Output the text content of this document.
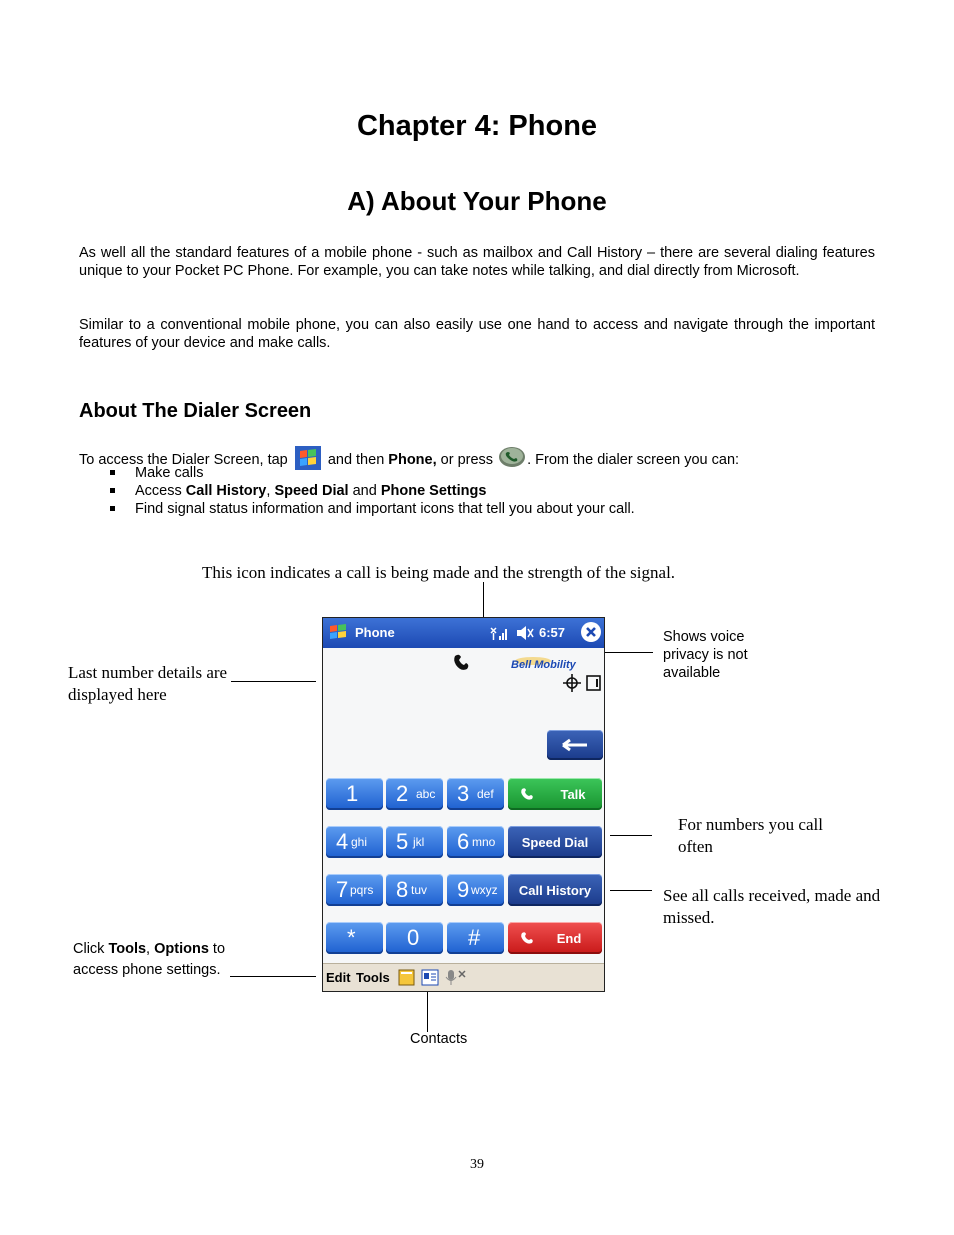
Chapter 4: Phone
A) About Your Phone

As well all the standard features of a mobile phone - such as mailbox and Call History – there are several dialing features unique to your Pocket PC Phone. For example, you can take notes while talking, and dial directly from Microsoft.

Similar to a conventional mobile phone, you can also easily use one hand to access and navigate through the important features of your device and make calls.

About The Dialer Screen
To access the Dialer Screen, tap	and then Phone, or press . From the dialer screen you can:
Make calls
Access Call History, Speed Dial and Phone Settings
Find signal status information and important icons that tell you about your call.
This icon indicates a call is being made and the strength of the signal.
Shows voice privacy is not available
Last number details are displayed here
For numbers you call often
See all calls received, made and missed.
Click Tools, Options to
access phone settings.
Contacts
Phone	6:57
Bell Mobility
1 2 abc 3 def	Talk
4 ghi 5 jkl 6 mno	Speed Dial
7 pqrs 8 tuv 9 wxyz	Call History
* 0 #	End
Edit Tools
39
